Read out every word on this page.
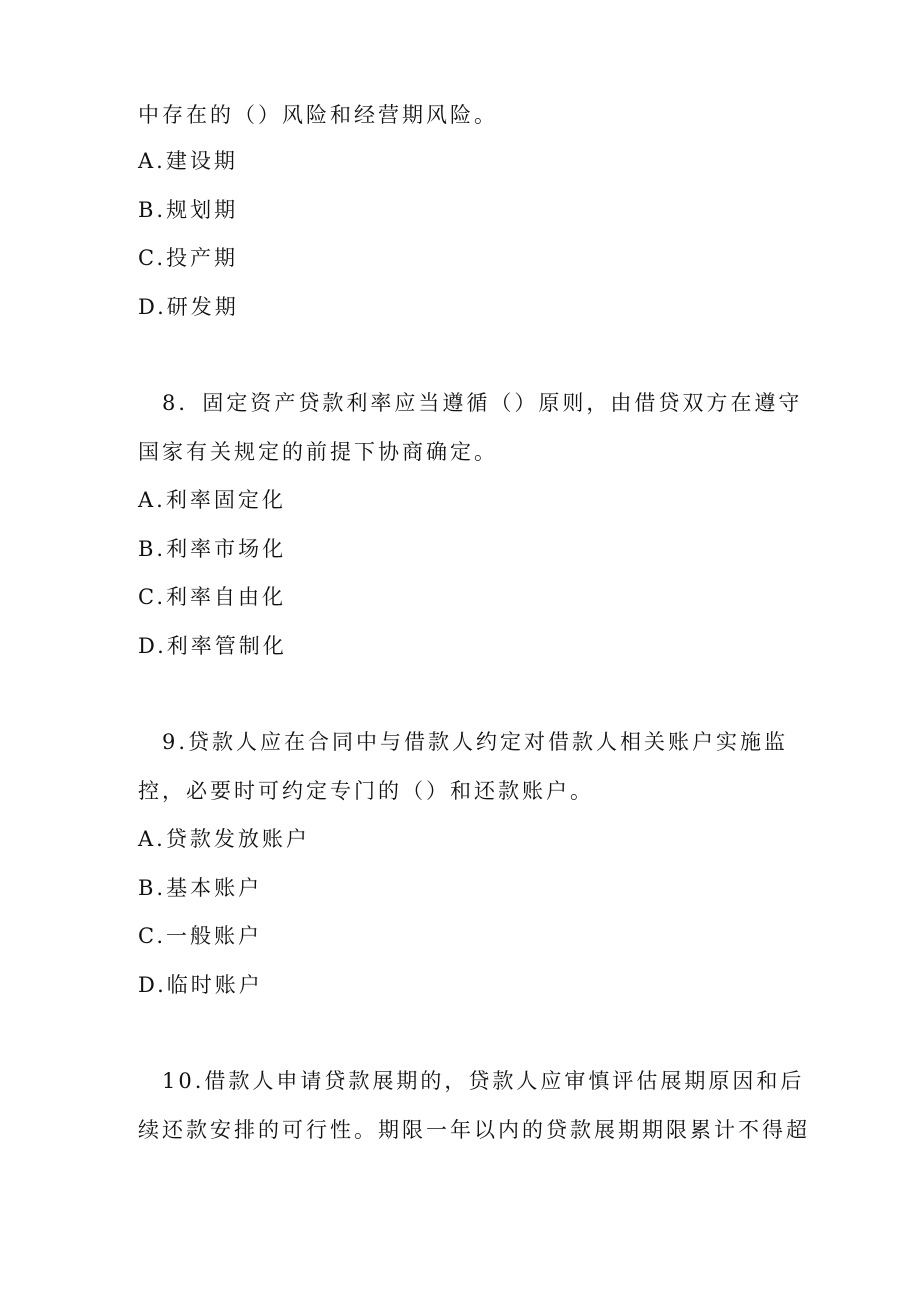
中存在的（）风险和经营期风险。
A.建设期
B.规划期
C.投产期
D.研发期
8．固定资产贷款利率应当遵循（）原则，由借贷双方在遵守
国家有关规定的前提下协商确定。
A.利率固定化
B.利率市场化
C.利率自由化
D.利率管制化
9.贷款人应在合同中与借款人约定对借款人相关账户实施监
控，必要时可约定专门的（）和还款账户。
A.贷款发放账户
B.基本账户
C.一般账户
D.临时账户
10.借款人申请贷款展期的，贷款人应审慎评估展期原因和后
续还款安排的可行性。期限一年以内的贷款展期期限累计不得超
